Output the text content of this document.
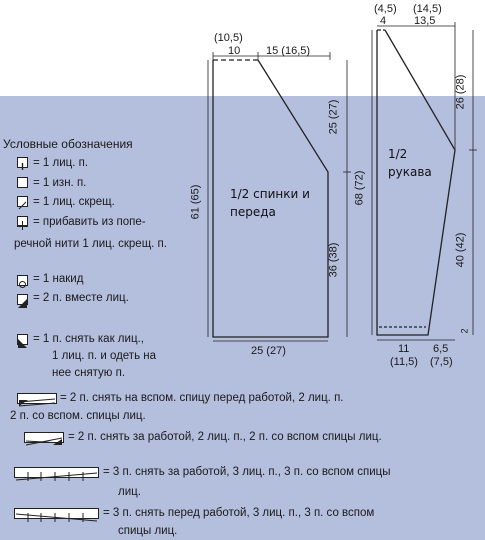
(10,5)
10 15 (16,5)
25 (27)
61 (65)
36 (38)
25 (27)
1/2 спинки и
переда
(4,5)
4
(14,5)
13,5
26 (28)
68 (72)
40 (42)
11
(11,5)
6,5
(7,5)
2
1/2
рукава
Условные обозначения
= 1 лиц. п.
= 1 изн. п.
= 1 лиц. скрещ.
= прибавить из попе-
речной нити 1 лиц. скрещ. п.
= 1 накид
= 2 п. вместе лиц.
= 1 п. снять как лиц.,
1 лиц. п. и одеть на
нее снятую п.
= 2 п. снять на вспом. спицу перед работой, 2 лиц. п.
2 п. со вспом. спицы лиц.
= 2 п. снять за работой, 2 лиц. п., 2 п. со вспом спицы лиц.
= 3 п. снять за работой, 3 лиц. п., 3 п. со вспом спицы
лиц.
= 3 п. снять перед работой, 3 лиц. п., 3 п. со вспом
спицы лиц.
